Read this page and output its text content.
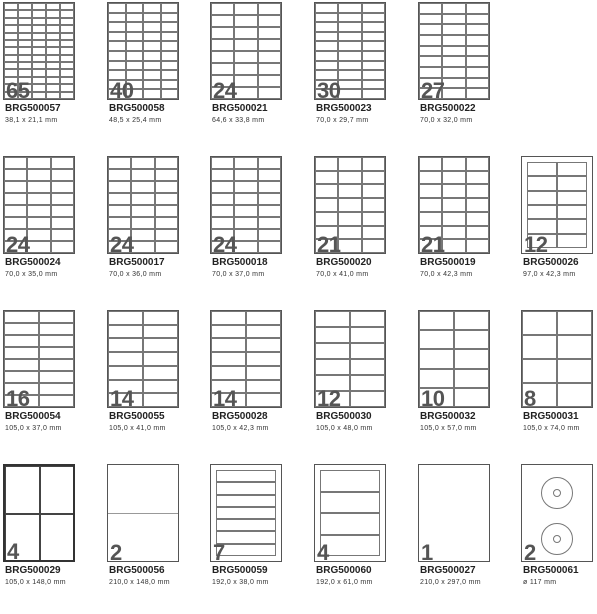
65
BRG500057
38,1 x 21,1 mm
40
BRG500058
48,5 x 25,4 mm
24
BRG500021
64,6 x 33,8 mm
30
BRG500023
70,0 x 29,7 mm
27
BRG500022
70,0 x 32,0 mm
24
BRG500024
70,0 x 35,0 mm
24
BRG500017
70,0 x 36,0 mm
24
BRG500018
70,0 x 37,0 mm
21
BRG500020
70,0 x 41,0 mm
21
BRG500019
70,0 x 42,3 mm
12
BRG500026
97,0 x 42,3 mm
16
BRG500054
105,0 x 37,0 mm
14
BRG500055
105,0 x 41,0 mm
14
BRG500028
105,0 x 42,3 mm
12
BRG500030
105,0 x 48,0 mm
10
BRG500032
105,0 x 57,0 mm
8
BRG500031
105,0 x 74,0 mm
4
BRG500029
105,0 x 148,0 mm
2
BRG500056
210,0 x 148,0 mm
7
BRG500059
192,0 x 38,0 mm
4
BRG500060
192,0 x 61,0 mm
1
BRG500027
210,0 x 297,0 mm
2
BRG500061
ø 117 mm
